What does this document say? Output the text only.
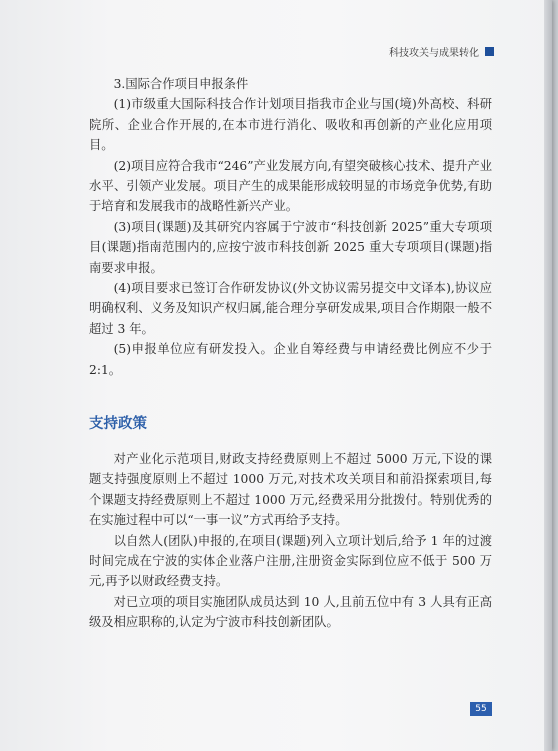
科技攻关与成果转化

3.国际合作项目申报条件

(1)市级重大国际科技合作计划项目指我市企业与国(境)外高校、科研院所、企业合作开展的,在本市进行消化、吸收和再创新的产业化应用项目。

(2)项目应符合我市“246”产业发展方向,有望突破核心技术、提升产业水平、引领产业发展。项目产生的成果能形成较明显的市场竞争优势,有助于培育和发展我市的战略性新兴产业。

(3)项目(课题)及其研究内容属于宁波市“科技创新 2025”重大专项项目(课题)指南范围内的,应按宁波市科技创新 2025 重大专项项目(课题)指南要求申报。

(4)项目要求已签订合作研发协议(外文协议需另提交中文译本),协议应明确权利、义务及知识产权归属,能合理分享研发成果,项目合作期限一般不超过 3 年。

(5)申报单位应有研发投入。企业自筹经费与申请经费比例应不少于 2:1。

支持政策

对产业化示范项目,财政支持经费原则上不超过 5000 万元,下设的课题支持强度原则上不超过 1000 万元,对技术攻关项目和前沿探索项目,每个课题支持经费原则上不超过 1000 万元,经费采用分批拨付。特别优秀的在实施过程中可以“一事一议”方式再给予支持。

以自然人(团队)申报的,在项目(课题)列入立项计划后,给予 1 年的过渡时间完成在宁波的实体企业落户注册,注册资金实际到位应不低于 500 万元,再予以财政经费支持。

对已立项的项目实施团队成员达到 10 人,且前五位中有 3 人具有正高级及相应职称的,认定为宁波市科技创新团队。

55
